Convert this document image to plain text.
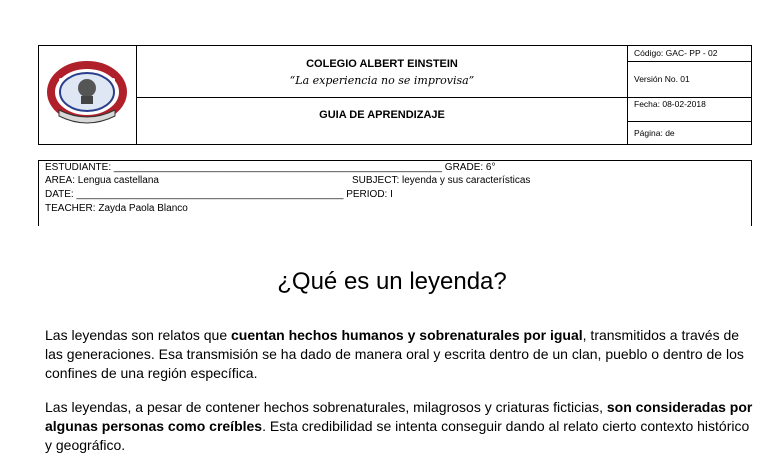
COLEGIO ALBERT EINSTEIN
“La experiencia no se improvisa”
GUIA DE APRENDIZAJE
Código: GAC- PP - 02
Versión No. 01
Fecha: 08-02-2018
Página: de
ESTUDIANTE: ___________________________________________________________ GRADE: 6°
AREA: Lengua castellana	SUBJECT: leyenda y sus características
DATE: ________________________________________________ PERIOD: I
TEACHER: Zayda Paola Blanco
¿Qué es un leyenda?
Las leyendas son relatos que cuentan hechos humanos y sobrenaturales por igual, transmitidos a través de las generaciones. Esa transmisión se ha dado de manera oral y escrita dentro de un clan, pueblo o dentro de los confines de una región específica.
Las leyendas, a pesar de contener hechos sobrenaturales, milagrosos y criaturas ficticias, son consideradas por algunas personas como creíbles. Esta credibilidad se intenta conseguir dando al relato cierto contexto histórico y geográfico.
